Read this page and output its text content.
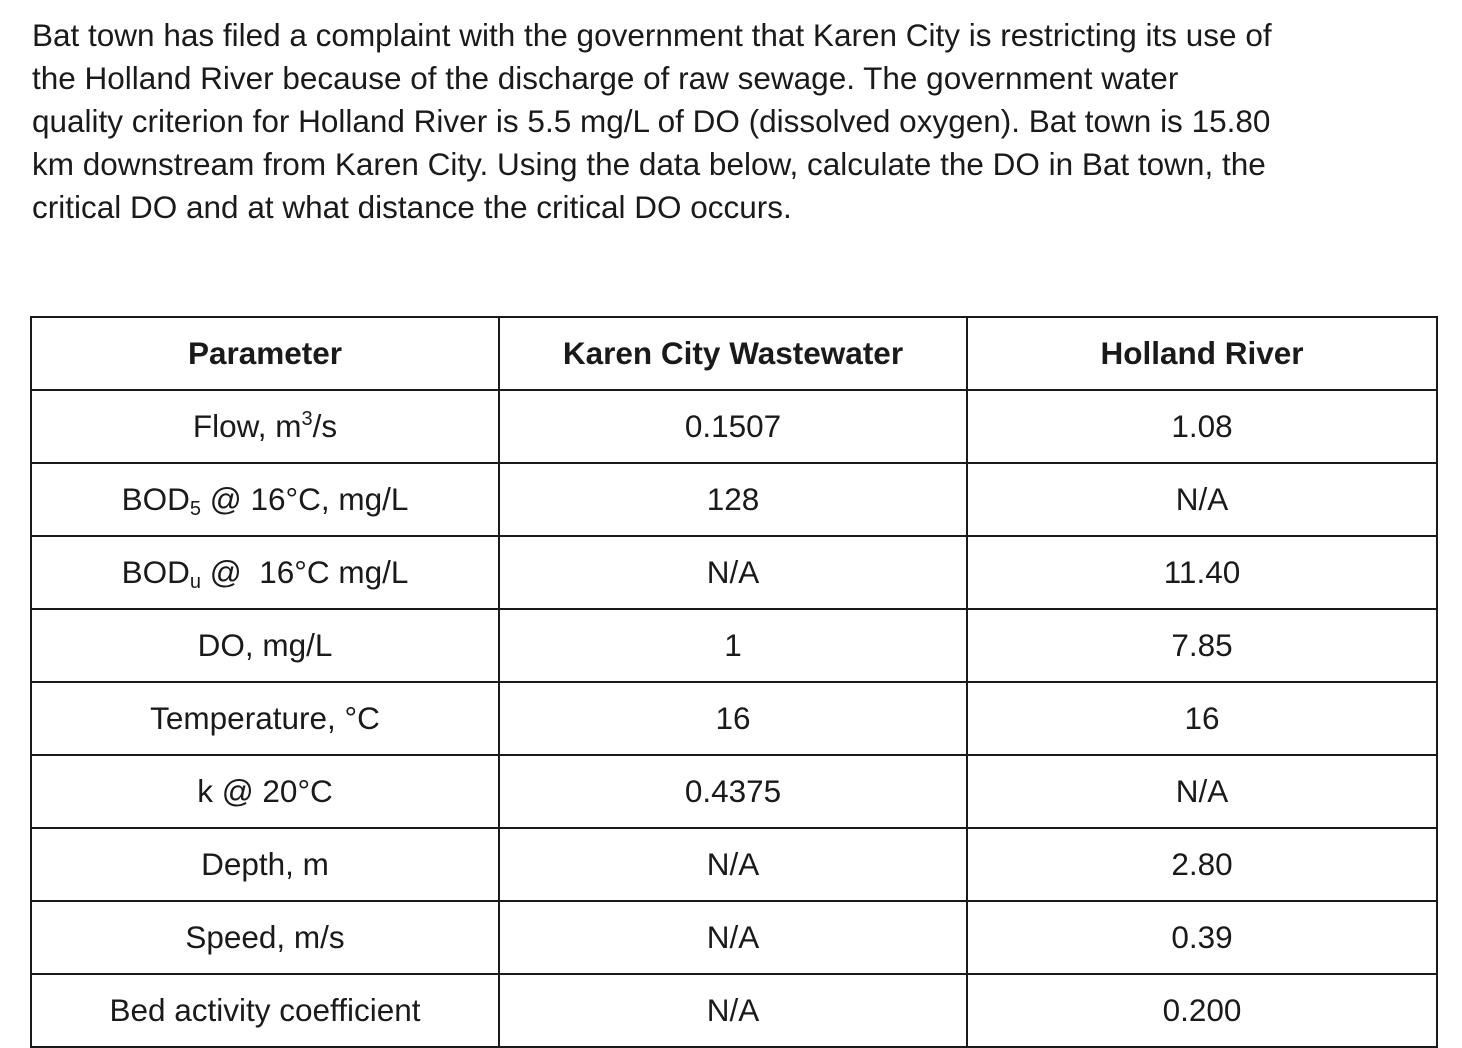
Bat town has filed a complaint with the government that Karen City is restricting its use of the Holland River because of the discharge of raw sewage. The government water quality criterion for Holland River is 5.5 mg/L of DO (dissolved oxygen). Bat town is 15.80 km downstream from Karen City. Using the data below, calculate the DO in Bat town, the critical DO and at what distance the critical DO occurs.

Parameter	Karen City Wastewater	Holland River
Flow, $m^3/s$	0.1507	1.08
$BOD_5$ @ 16°C, mg/L	128	N/A
$BOD_u$ @  16°C mg/L	N/A	11.40
DO, mg/L	1	7.85
Temperature, °C	16	16
k @ 20°C	0.4375	N/A
Depth, m	N/A	2.80
Speed, m/s	N/A	0.39
Bed activity coefficient	N/A	0.200
